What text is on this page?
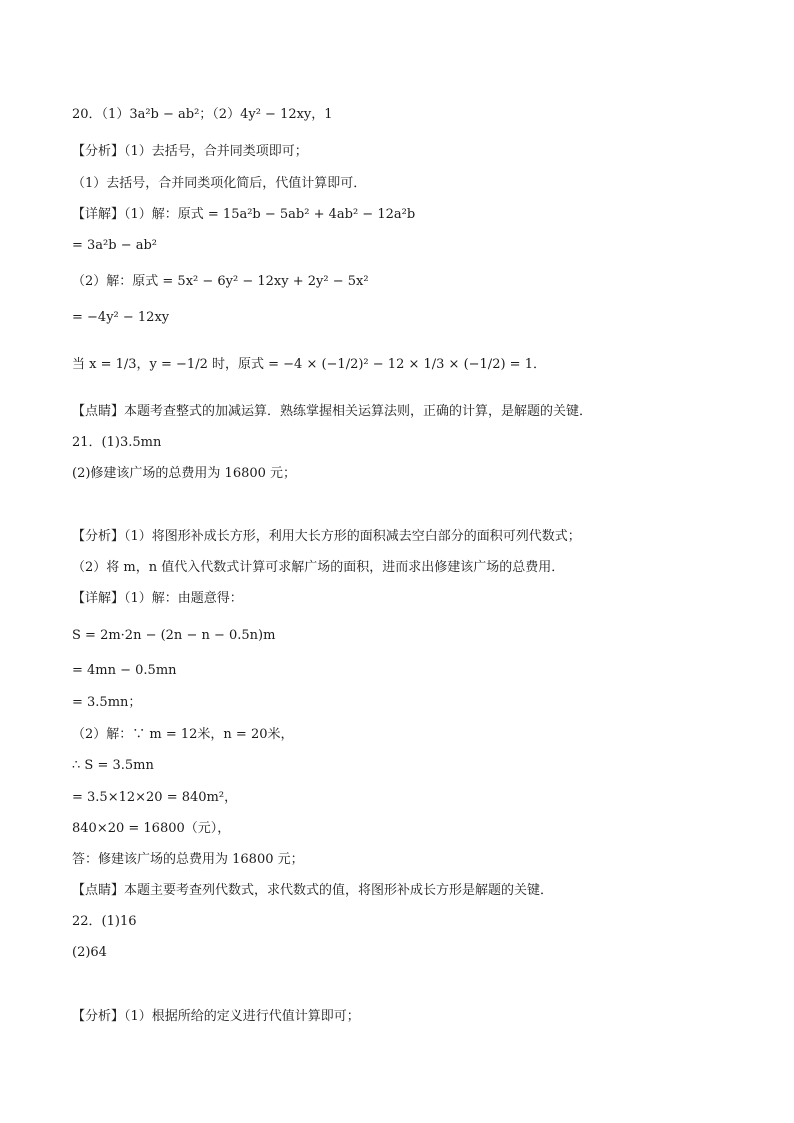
20．（1）3a²b − ab²；（2）4y² − 12xy，1
【分析】（1）去括号，合并同类项即可；
（1）去括号，合并同类项化简后，代值计算即可．
【详解】（1）解：原式 = 15a²b − 5ab² + 4ab² − 12a²b
= 3a²b − ab²
（2）解：原式 = 5x² − 6y² − 12xy + 2y² − 5x²
= −4y² − 12xy
当 x = 1/3，y = −1/2 时，原式 = −4 × (−1/2)² − 12 × 1/3 × (−1/2) = 1．
【点睛】本题考查整式的加减运算．熟练掌握相关运算法则，正确的计算，是解题的关键．
21．(1)3.5mn
(2)修建该广场的总费用为 16800 元；
【分析】（1）将图形补成长方形，利用大长方形的面积减去空白部分的面积可列代数式；
（2）将 m，n 值代入代数式计算可求解广场的面积，进而求出修建该广场的总费用．
【详解】（1）解：由题意得：
S = 2m·2n − (2n − n − 0.5n)m
= 4mn − 0.5mn
= 3.5mn；
（2）解：∵ m = 12米，n = 20米，
∴ S = 3.5mn
= 3.5×12×20 = 840m²，
840×20 = 16800（元），
答：修建该广场的总费用为 16800 元；
【点睛】本题主要考查列代数式，求代数式的值，将图形补成长方形是解题的关键．
22．(1)16
(2)64
【分析】（1）根据所给的定义进行代值计算即可；
